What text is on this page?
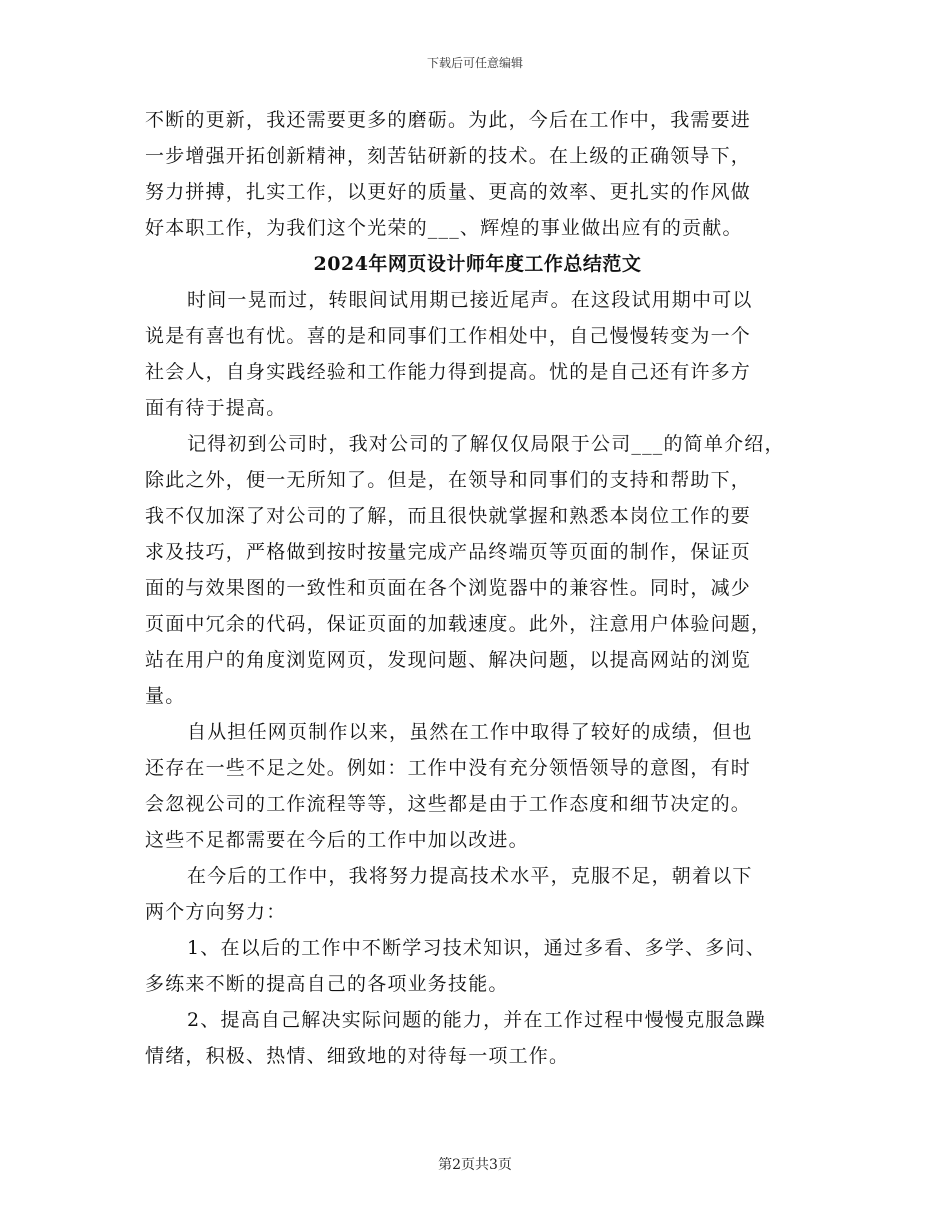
下载后可任意编辑

不断的更新，我还需要更多的磨砺。为此，今后在工作中，我需要进
一步增强开拓创新精神，刻苦钻研新的技术。在上级的正确领导下，
努力拼搏，扎实工作，以更好的质量、更高的效率、更扎实的作风做
好本职工作，为我们这个光荣的___、辉煌的事业做出应有的贡献。

2024年网页设计师年度工作总结范文

时间一晃而过，转眼间试用期已接近尾声。在这段试用期中可以
说是有喜也有忧。喜的是和同事们工作相处中，自己慢慢转变为一个
社会人，自身实践经验和工作能力得到提高。忧的是自己还有许多方
面有待于提高。

记得初到公司时，我对公司的了解仅仅局限于公司___的简单介绍，
除此之外，便一无所知了。但是，在领导和同事们的支持和帮助下，
我不仅加深了对公司的了解，而且很快就掌握和熟悉本岗位工作的要
求及技巧，严格做到按时按量完成产品终端页等页面的制作，保证页
面的与效果图的一致性和页面在各个浏览器中的兼容性。同时，减少
页面中冗余的代码，保证页面的加载速度。此外，注意用户体验问题，
站在用户的角度浏览网页，发现问题、解决问题，以提高网站的浏览
量。

自从担任网页制作以来，虽然在工作中取得了较好的成绩，但也
还存在一些不足之处。例如：工作中没有充分领悟领导的意图，有时
会忽视公司的工作流程等等，这些都是由于工作态度和细节决定的。
这些不足都需要在今后的工作中加以改进。

在今后的工作中，我将努力提高技术水平，克服不足，朝着以下
两个方向努力：

1、在以后的工作中不断学习技术知识，通过多看、多学、多问、
多练来不断的提高自己的各项业务技能。

2、提高自己解决实际问题的能力，并在工作过程中慢慢克服急躁
情绪，积极、热情、细致地的对待每一项工作。

第2页共3页
